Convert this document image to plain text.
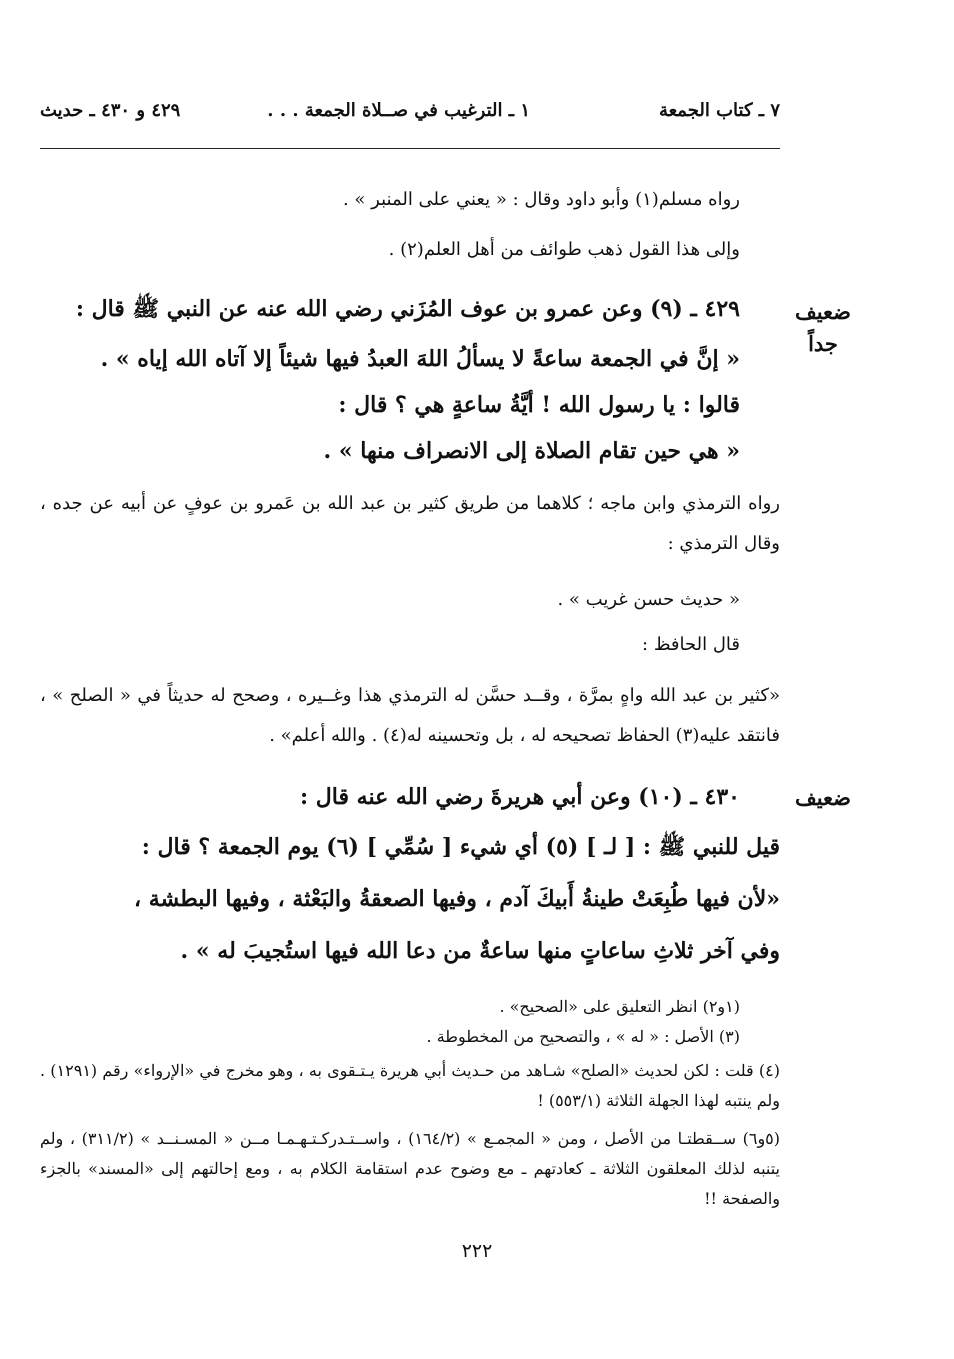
٧ ـ كتاب الجمعة
١ ـ الترغيب في صــلاة الجمعة . . .
٤٢٩ و ٤٣٠ ـ حديث
رواه مسلم(١) وأبو داود وقال : « يعني على المنبر » .
وإلى هذا القول ذهب طوائف من أهل العلم(٢) .
ضعيف جداً
٤٢٩ ـ (٩) وعن عمرو بن عوف المُزَني رضي الله عنه عن النبي ﷺ قال :
« إنَّ في الجمعة ساعةً لا يسألُ اللهَ العبدُ فيها شيئاً إلا آتاه الله إياه » .
قالوا : يا رسول الله ! أيَّةُ ساعةٍ هي ؟ قال :
« هي حين تقام الصلاة إلى الانصراف منها » .
رواه الترمذي وابن ماجه ؛ كلاهما من طريق كثير بن عبد الله بن عَمرو بن عوفٍ عن أبيه عن جده ، وقال الترمذي :
« حديث حسن غريب » .
قال الحافظ :
«كثير بن عبد الله واهٍ بمرَّة ، وقــد حسَّن له الترمذي هذا وغــيره ، وصحح له حديثاً في « الصلح » ، فانتقد عليه(٣) الحفاظ تصحيحه له ، بل وتحسينه له(٤) . والله أعلم» .
ضعيف
٤٣٠ ـ (١٠) وعن أبي هريرةَ رضي الله عنه قال :
قيل للنبي ﷺ : [ لـ ] (٥) أي شيء [ سُمِّي ] (٦) يوم الجمعة ؟ قال :
«لأن فيها طُبِعَتْ طينةُ أَبيكَ آدم ، وفيها الصعقةُ والبَعْثة ، وفيها البطشة ،
وفي آخر ثلاثِ ساعاتٍ منها ساعةٌ من دعا الله فيها استُجيبَ له » .
(١و٢) انظر التعليق على «الصحيح» .
(٣) الأصل : « له » ، والتصحيح من المخطوطة .
(٤) قلت : لكن لحديث «الصلح» شـاهد من حـديث أبي هريرة يـتـقوى به ، وهو مخرج في «الإرواء» رقم (١٢٩١) . ولم ينتبه لهذا الجهلة الثلاثة (٥٥٣/١) !
(٥و٦) ســقطتـا من الأصل ، ومن « المجمـع » (١٦٤/٢) ، واســتـدركـتـهـمـا مــن « المسـنــد » (٣١١/٢) ، ولم يتنبه لذلك المعلقون الثلاثة ـ كعادتهم ـ مع وضوح عدم استقامة الكلام به ، ومع إحالتهم إلى «المسند» بالجزء والصفحة !!
٢٢٢
